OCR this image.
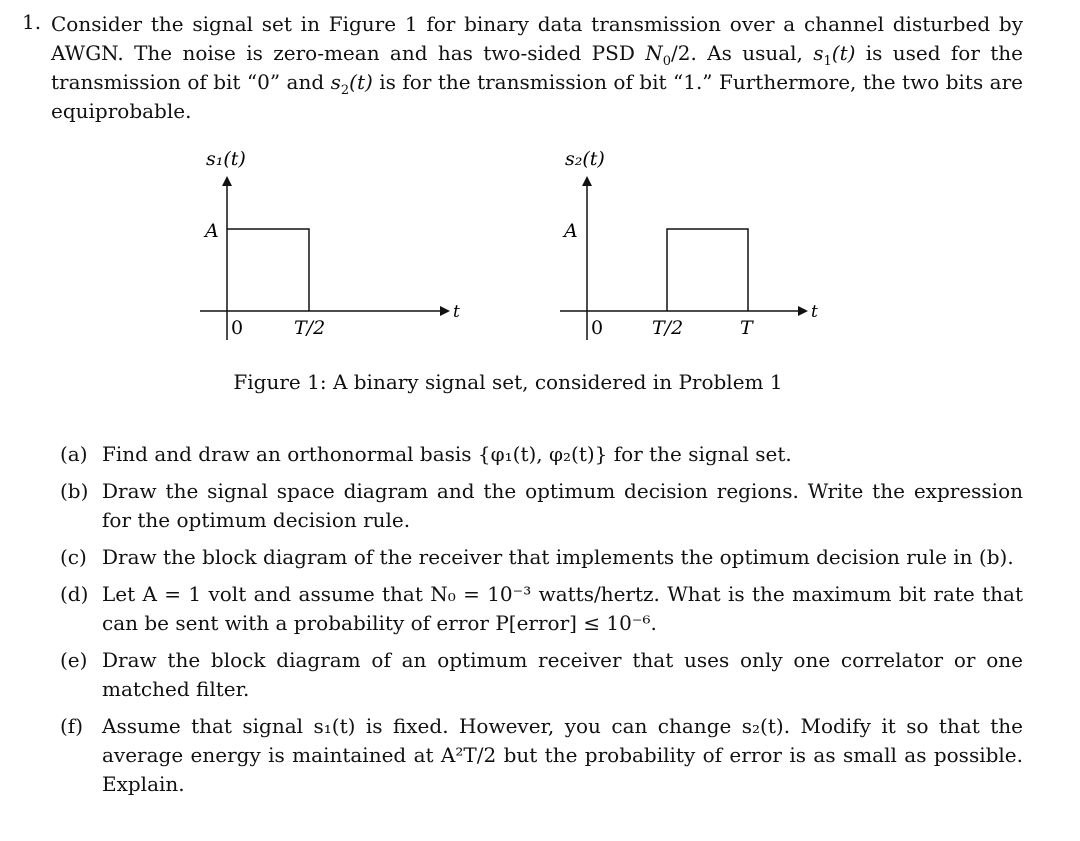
1. Consider the signal set in Figure 1 for binary data transmission over a channel disturbed by AWGN. The noise is zero-mean and has two-sided PSD $N_0/2$. As usual, $s_1(t)$ is used for the transmission of bit “0” and $s_2(t)$ is for the transmission of bit “1.” Furthermore, the two bits are equiprobable.

s₁(t)
A
t
0	T/2
s₂(t)
A
t
0	T/2	T
Figure 1: A binary signal set, considered in Problem 1
(a) Find and draw an orthonormal basis {φ₁(t), φ₂(t)} for the signal set.
(b) Draw the signal space diagram and the optimum decision regions. Write the expression for the optimum decision rule.
(c) Draw the block diagram of the receiver that implements the optimum decision rule in (b).
(d) Let A = 1 volt and assume that N₀ = 10⁻³ watts/hertz. What is the maximum bit rate that can be sent with a probability of error P[error] ≤ 10⁻⁶.
(e) Draw the block diagram of an optimum receiver that uses only one correlator or one matched filter.
(f) Assume that signal s₁(t) is fixed. However, you can change s₂(t). Modify it so that the average energy is maintained at A²T/2 but the probability of error is as small as possible. Explain.
